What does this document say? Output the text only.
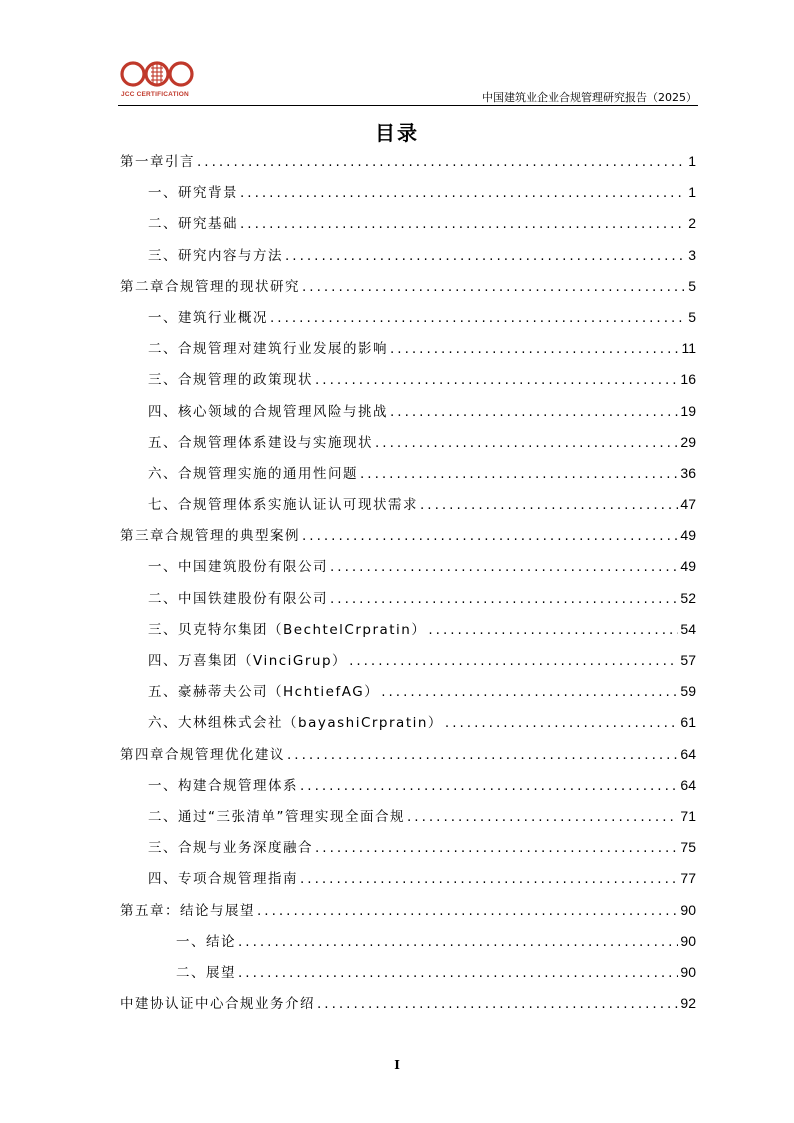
JCC CERTIFICATION	中国建筑业企业合规管理研究报告（2025）
目录
第一章引言 .....	1
一、研究背景 .....	1
二、研究基础 .....	2
三、研究内容与方法 .....	3
第二章合规管理的现状研究 .....	5
一、建筑行业概况 .....	5
二、合规管理对建筑行业发展的影响 .....	11
三、合规管理的政策现状 .....	16
四、核心领域的合规管理风险与挑战 .....	19
五、合规管理体系建设与实施现状 .....	29
六、合规管理实施的通用性问题 .....	36
七、合规管理体系实施认证认可现状需求 .....	47
第三章合规管理的典型案例 .....	49
一、中国建筑股份有限公司 .....	49
二、中国铁建股份有限公司 .....	52
三、贝克特尔集团（BechtelCrpratin） .....	54
四、万喜集团（VinciGrup） .....	57
五、豪赫蒂夫公司（HchtiefAG） .....	59
六、大林组株式会社（bayashiCrpratin） .....	61
第四章合规管理优化建议 .....	64
一、构建合规管理体系 .....	64
二、通过“三张清单”管理实现全面合规 .....	71
三、合规与业务深度融合 .....	75
四、专项合规管理指南 .....	77
第五章：结论与展望 .....	90
一、结论 .....	90
二、展望 .....	90
中建协认证中心合规业务介绍 .....	92
I
